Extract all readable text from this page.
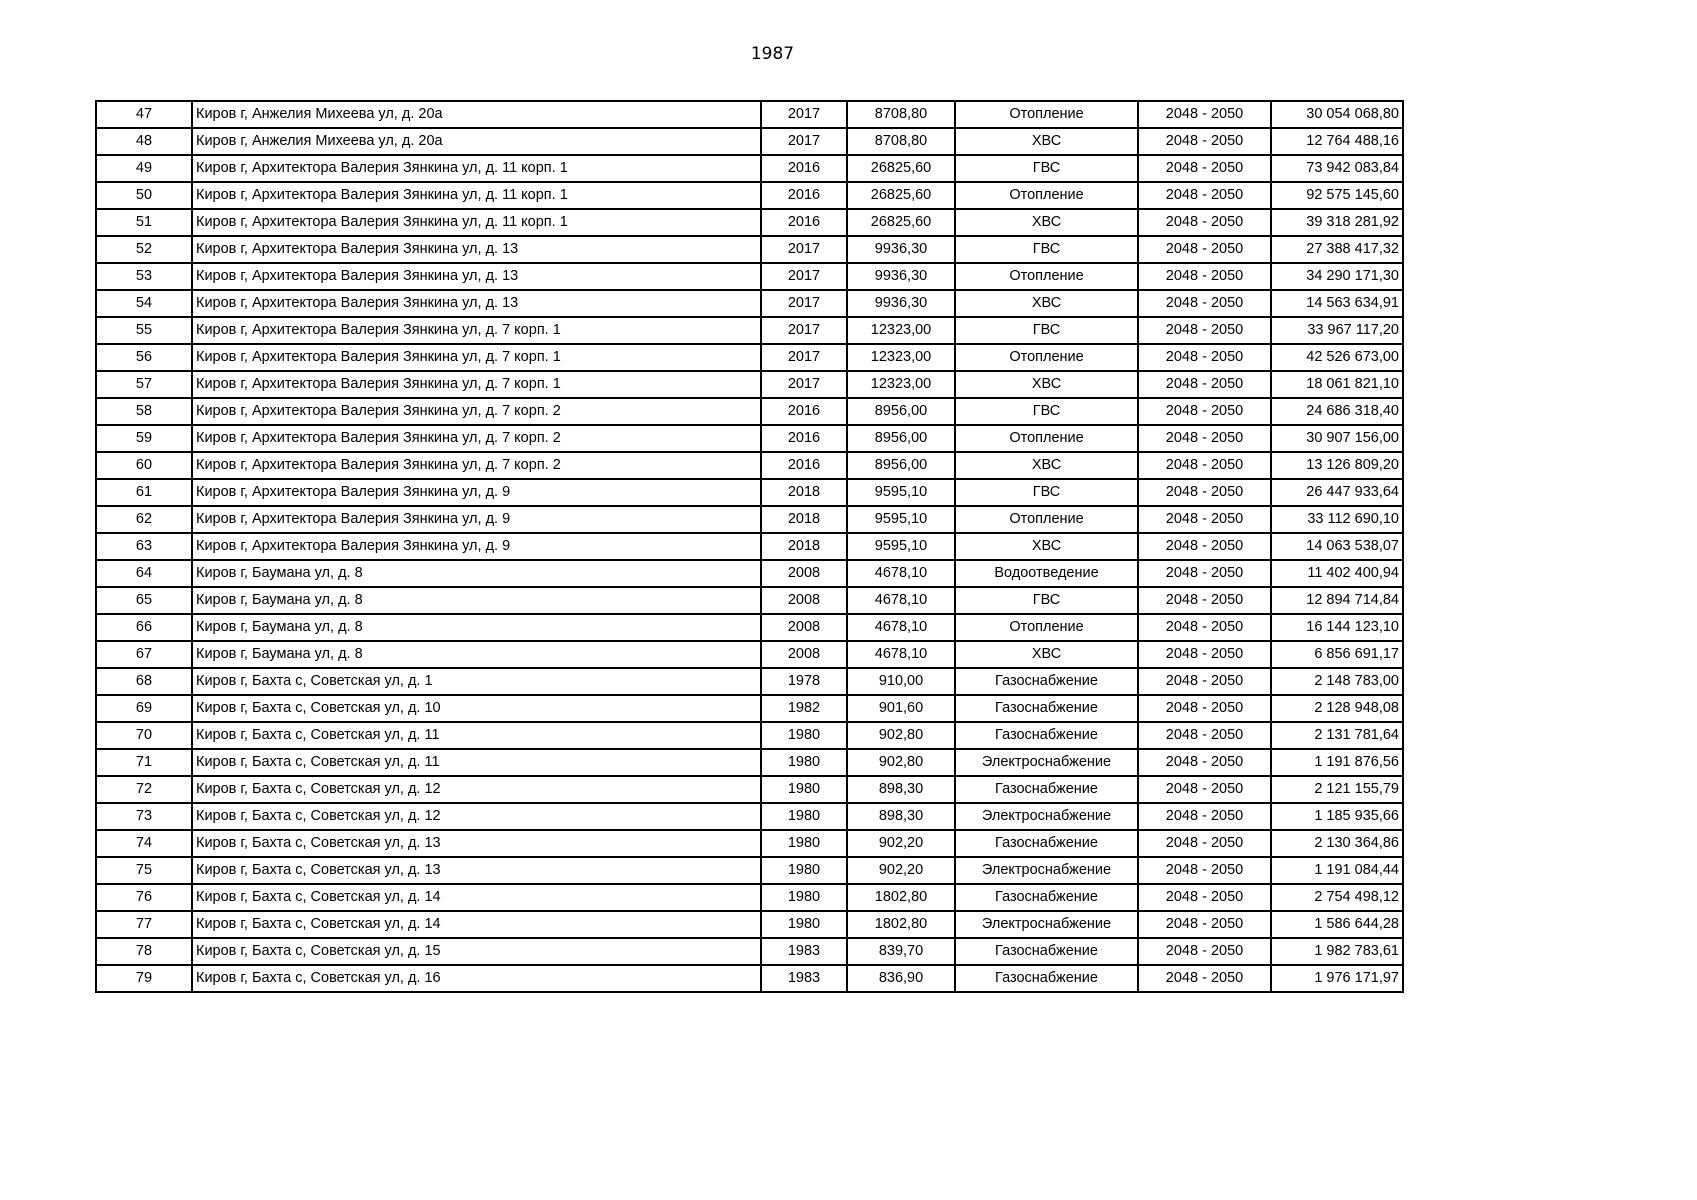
1987
47	Киров г, Анжелия Михеева ул, д. 20а	2017	8708,80	Отопление	2048 - 2050	30 054 068,80
48	Киров г, Анжелия Михеева ул, д. 20а	2017	8708,80	ХВС	2048 - 2050	12 764 488,16
49	Киров г, Архитектора Валерия Зянкина ул, д. 11 корп. 1	2016	26825,60	ГВС	2048 - 2050	73 942 083,84
50	Киров г, Архитектора Валерия Зянкина ул, д. 11 корп. 1	2016	26825,60	Отопление	2048 - 2050	92 575 145,60
51	Киров г, Архитектора Валерия Зянкина ул, д. 11 корп. 1	2016	26825,60	ХВС	2048 - 2050	39 318 281,92
52	Киров г, Архитектора Валерия Зянкина ул, д. 13	2017	9936,30	ГВС	2048 - 2050	27 388 417,32
53	Киров г, Архитектора Валерия Зянкина ул, д. 13	2017	9936,30	Отопление	2048 - 2050	34 290 171,30
54	Киров г, Архитектора Валерия Зянкина ул, д. 13	2017	9936,30	ХВС	2048 - 2050	14 563 634,91
55	Киров г, Архитектора Валерия Зянкина ул, д. 7 корп. 1	2017	12323,00	ГВС	2048 - 2050	33 967 117,20
56	Киров г, Архитектора Валерия Зянкина ул, д. 7 корп. 1	2017	12323,00	Отопление	2048 - 2050	42 526 673,00
57	Киров г, Архитектора Валерия Зянкина ул, д. 7 корп. 1	2017	12323,00	ХВС	2048 - 2050	18 061 821,10
58	Киров г, Архитектора Валерия Зянкина ул, д. 7 корп. 2	2016	8956,00	ГВС	2048 - 2050	24 686 318,40
59	Киров г, Архитектора Валерия Зянкина ул, д. 7 корп. 2	2016	8956,00	Отопление	2048 - 2050	30 907 156,00
60	Киров г, Архитектора Валерия Зянкина ул, д. 7 корп. 2	2016	8956,00	ХВС	2048 - 2050	13 126 809,20
61	Киров г, Архитектора Валерия Зянкина ул, д. 9	2018	9595,10	ГВС	2048 - 2050	26 447 933,64
62	Киров г, Архитектора Валерия Зянкина ул, д. 9	2018	9595,10	Отопление	2048 - 2050	33 112 690,10
63	Киров г, Архитектора Валерия Зянкина ул, д. 9	2018	9595,10	ХВС	2048 - 2050	14 063 538,07
64	Киров г, Баумана ул, д. 8	2008	4678,10	Водоотведение	2048 - 2050	11 402 400,94
65	Киров г, Баумана ул, д. 8	2008	4678,10	ГВС	2048 - 2050	12 894 714,84
66	Киров г, Баумана ул, д. 8	2008	4678,10	Отопление	2048 - 2050	16 144 123,10
67	Киров г, Баумана ул, д. 8	2008	4678,10	ХВС	2048 - 2050	6 856 691,17
68	Киров г, Бахта с, Советская ул, д. 1	1978	910,00	Газоснабжение	2048 - 2050	2 148 783,00
69	Киров г, Бахта с, Советская ул, д. 10	1982	901,60	Газоснабжение	2048 - 2050	2 128 948,08
70	Киров г, Бахта с, Советская ул, д. 11	1980	902,80	Газоснабжение	2048 - 2050	2 131 781,64
71	Киров г, Бахта с, Советская ул, д. 11	1980	902,80	Электроснабжение	2048 - 2050	1 191 876,56
72	Киров г, Бахта с, Советская ул, д. 12	1980	898,30	Газоснабжение	2048 - 2050	2 121 155,79
73	Киров г, Бахта с, Советская ул, д. 12	1980	898,30	Электроснабжение	2048 - 2050	1 185 935,66
74	Киров г, Бахта с, Советская ул, д. 13	1980	902,20	Газоснабжение	2048 - 2050	2 130 364,86
75	Киров г, Бахта с, Советская ул, д. 13	1980	902,20	Электроснабжение	2048 - 2050	1 191 084,44
76	Киров г, Бахта с, Советская ул, д. 14	1980	1802,80	Газоснабжение	2048 - 2050	2 754 498,12
77	Киров г, Бахта с, Советская ул, д. 14	1980	1802,80	Электроснабжение	2048 - 2050	1 586 644,28
78	Киров г, Бахта с, Советская ул, д. 15	1983	839,70	Газоснабжение	2048 - 2050	1 982 783,61
79	Киров г, Бахта с, Советская ул, д. 16	1983	836,90	Газоснабжение	2048 - 2050	1 976 171,97
